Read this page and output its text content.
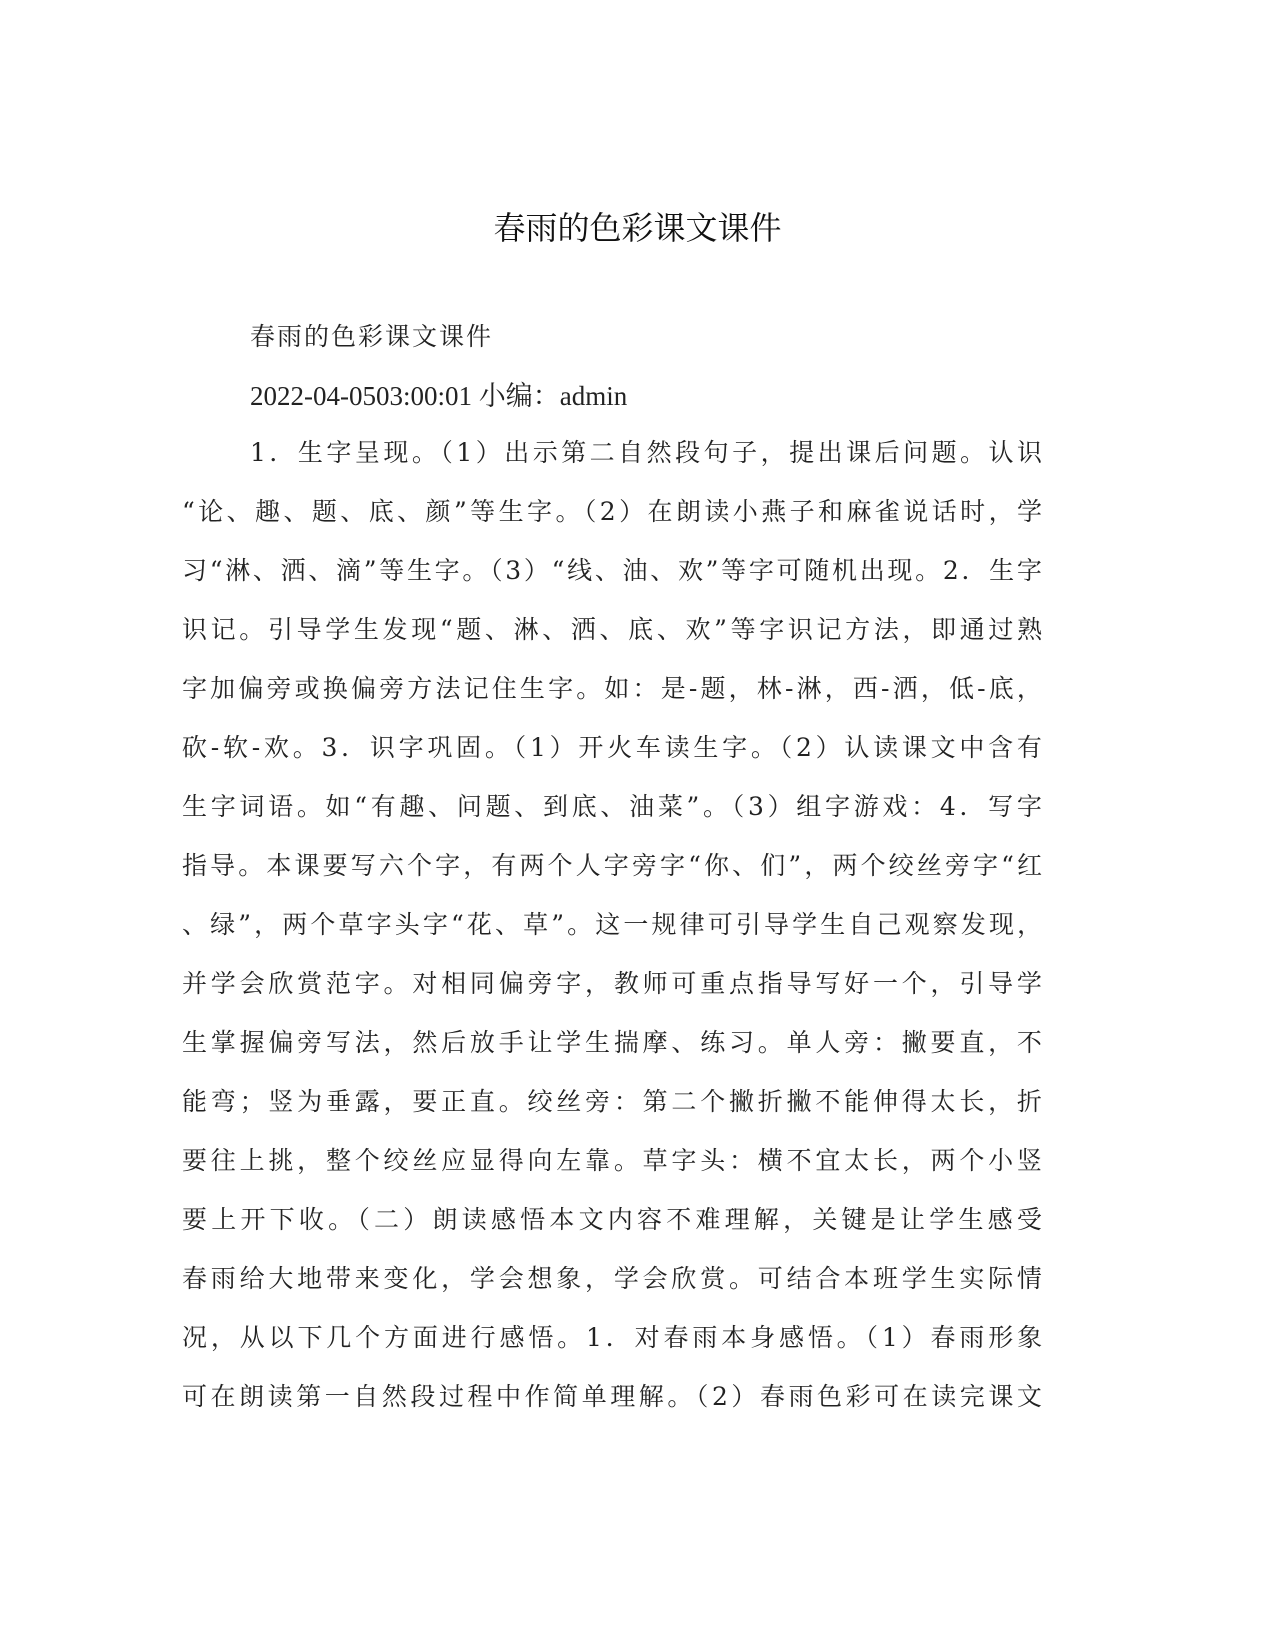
春雨的色彩课文课件
春雨的色彩课文课件
2022-04-0503:00:01 小编：admin
1．生字呈现。（1）出示第二自然段句子，提出课后问题。认识
“论、趣、题、底、颜”等生字。（2）在朗读小燕子和麻雀说话时，学
习“淋、洒、滴”等生字。（3）“线、油、欢”等字可随机出现。2．生字
识记。引导学生发现“题、淋、洒、底、欢”等字识记方法，即通过熟
字加偏旁或换偏旁方法记住生字。如：是-题，林-淋，西-洒，低-底，
砍-软-欢。3．识字巩固。（1）开火车读生字。（2）认读课文中含有
生字词语。如“有趣、问题、到底、油菜”。（3）组字游戏：4．写字
指导。本课要写六个字，有两个人字旁字“你、们”，两个绞丝旁字“红
、绿”，两个草字头字“花、草”。这一规律可引导学生自己观察发现，
并学会欣赏范字。对相同偏旁字，教师可重点指导写好一个，引导学
生掌握偏旁写法，然后放手让学生揣摩、练习。单人旁：撇要直，不
能弯；竖为垂露，要正直。绞丝旁：第二个撇折撇不能伸得太长，折
要往上挑，整个绞丝应显得向左靠。草字头：横不宜太长，两个小竖
要上开下收。（二）朗读感悟本文内容不难理解，关键是让学生感受
春雨给大地带来变化，学会想象，学会欣赏。可结合本班学生实际情
况，从以下几个方面进行感悟。1．对春雨本身感悟。（1）春雨形象
可在朗读第一自然段过程中作简单理解。（2）春雨色彩可在读完课文
